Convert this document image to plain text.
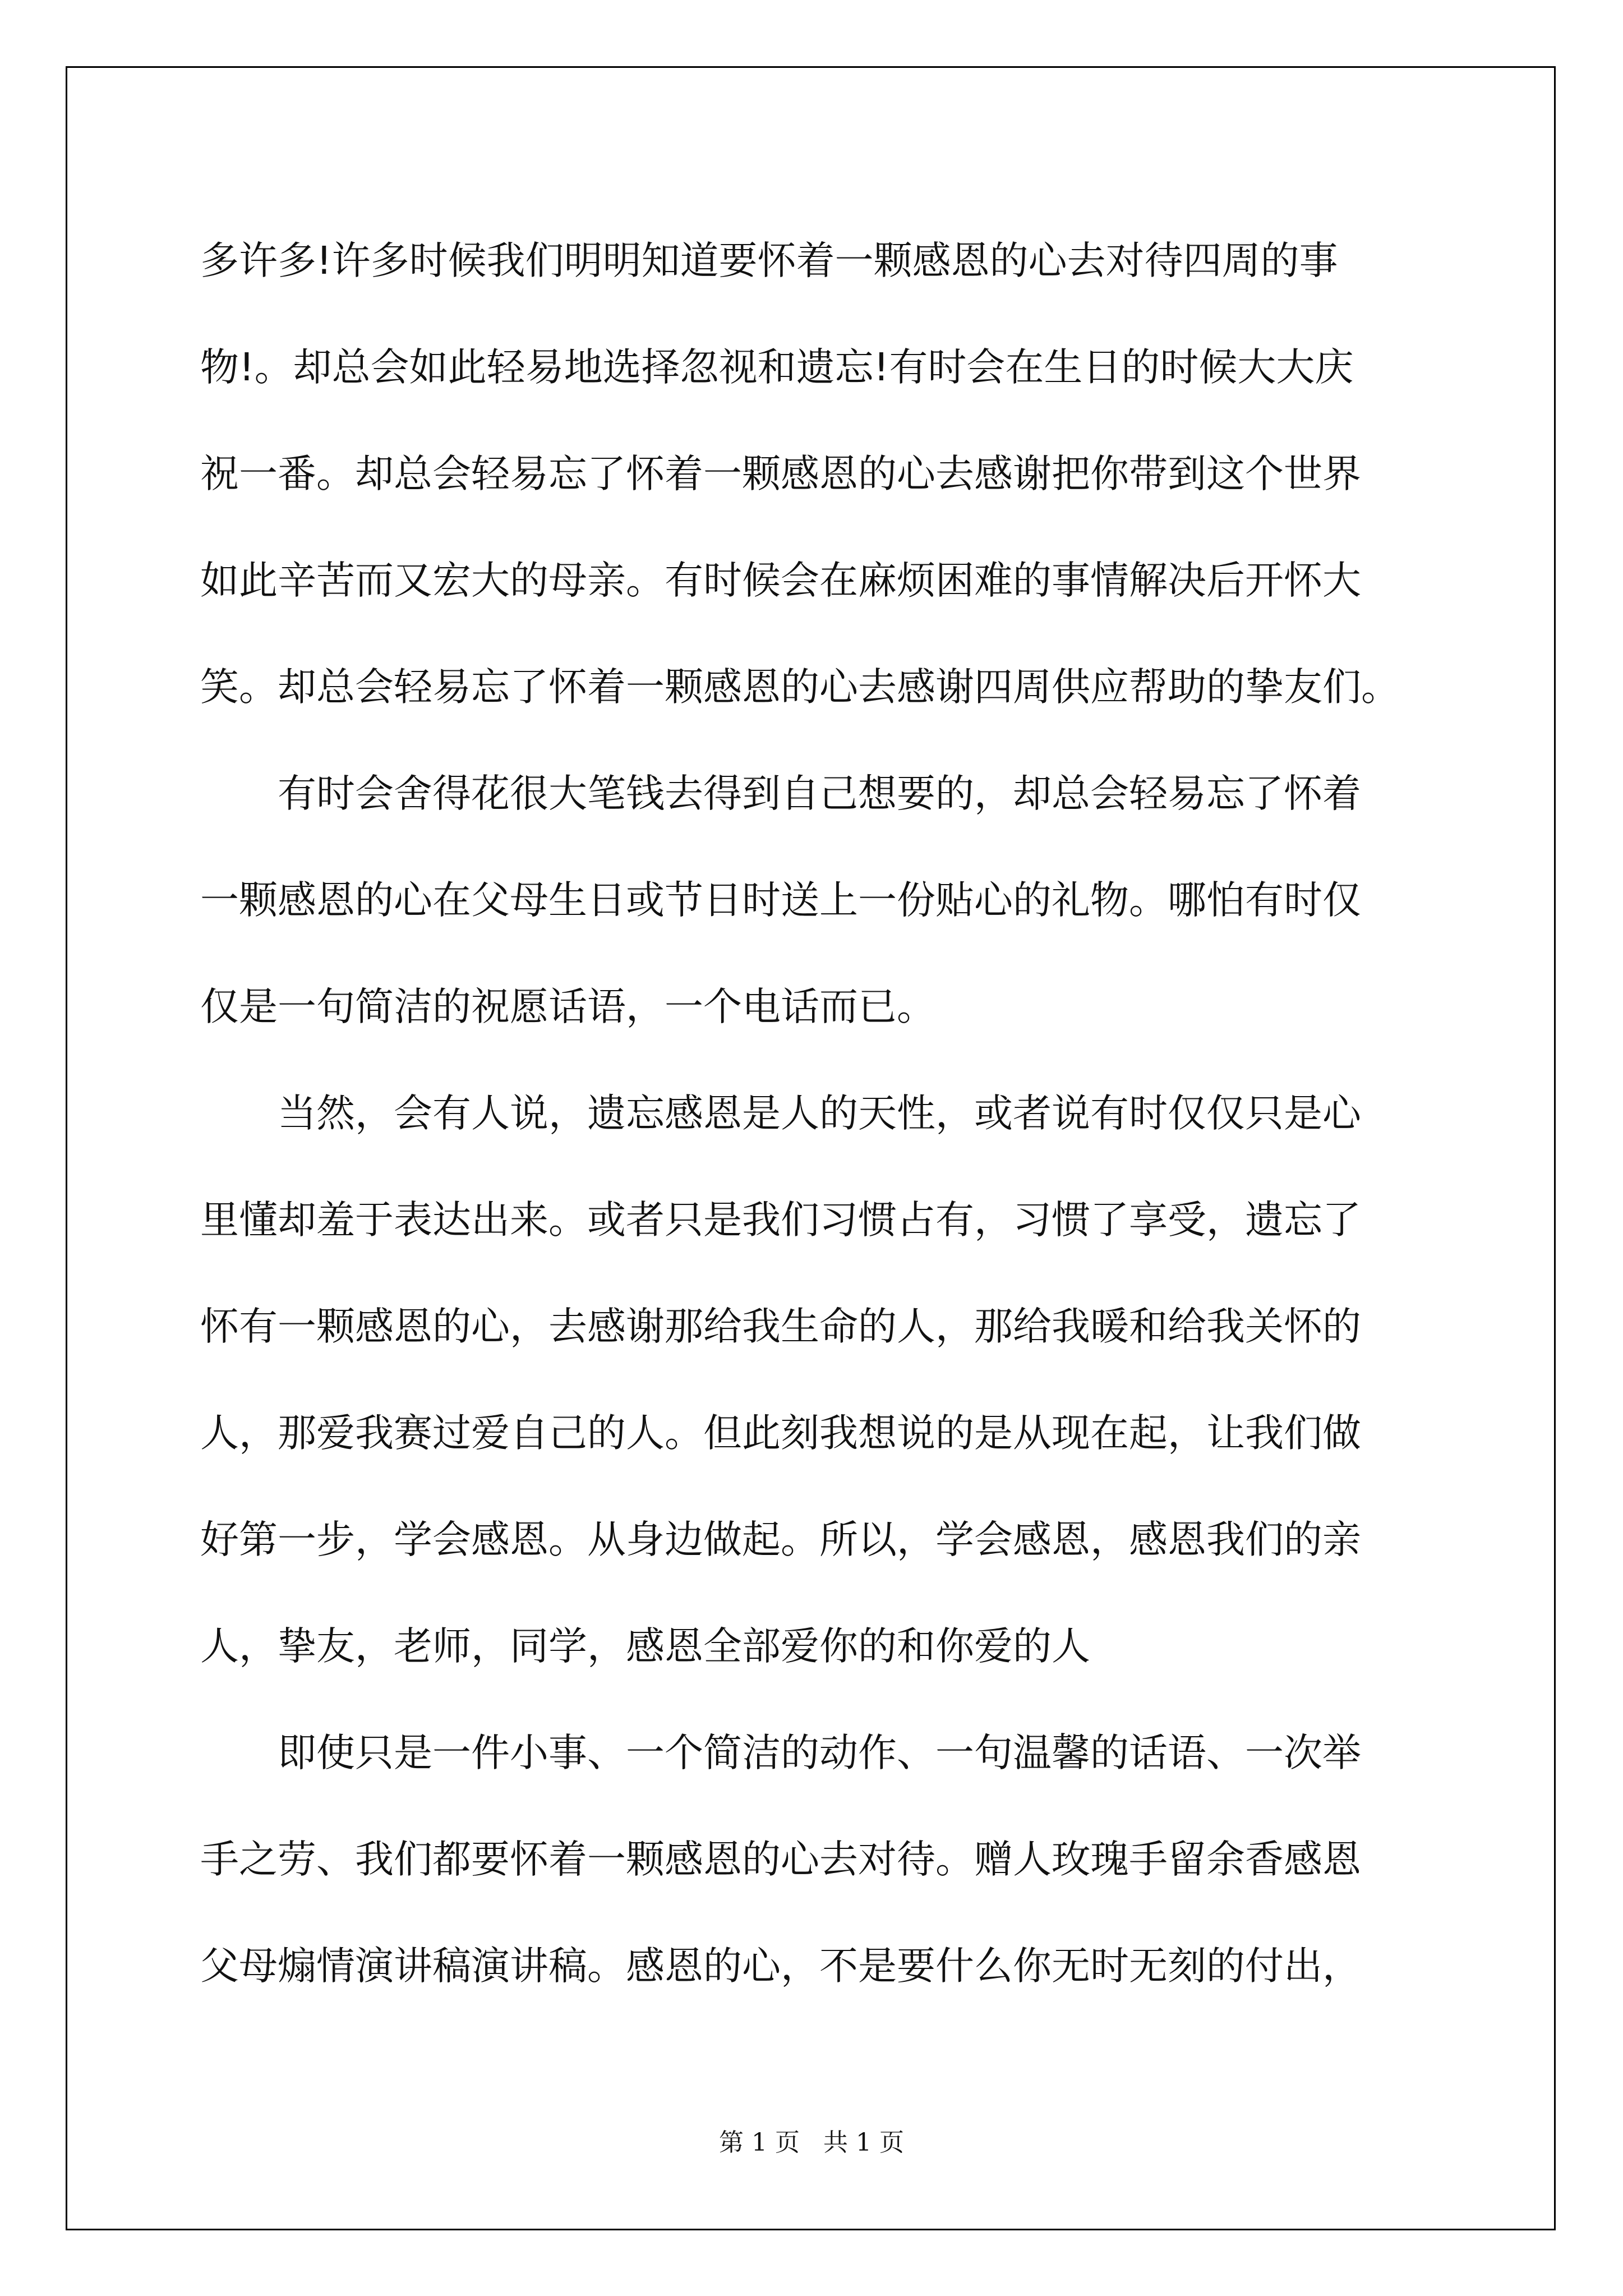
多许多!许多时候我们明明知道要怀着一颗感恩的心去对待四周的事
物!。却总会如此轻易地选择忽视和遗忘!有时会在生日的时候大大庆
祝一番。却总会轻易忘了怀着一颗感恩的心去感谢把你带到这个世界
如此辛苦而又宏大的母亲。有时候会在麻烦困难的事情解决后开怀大
笑。却总会轻易忘了怀着一颗感恩的心去感谢四周供应帮助的挚友们。
有时会舍得花很大笔钱去得到自己想要的，却总会轻易忘了怀着
一颗感恩的心在父母生日或节日时送上一份贴心的礼物。哪怕有时仅
仅是一句简洁的祝愿话语，一个电话而已。
当然，会有人说，遗忘感恩是人的天性，或者说有时仅仅只是心
里懂却羞于表达出来。或者只是我们习惯占有，习惯了享受，遗忘了
怀有一颗感恩的心，去感谢那给我生命的人，那给我暖和给我关怀的
人，那爱我赛过爱自己的人。但此刻我想说的是从现在起，让我们做
好第一步，学会感恩。从身边做起。所以，学会感恩，感恩我们的亲
人，挚友，老师，同学，感恩全部爱你的和你爱的人
即使只是一件小事、一个简洁的动作、一句温馨的话语、一次举
手之劳、我们都要怀着一颗感恩的心去对待。赠人玫瑰手留余香感恩
父母煽情演讲稿演讲稿。感恩的心，不是要什么你无时无刻的付出，
第 1 页   共 1 页
